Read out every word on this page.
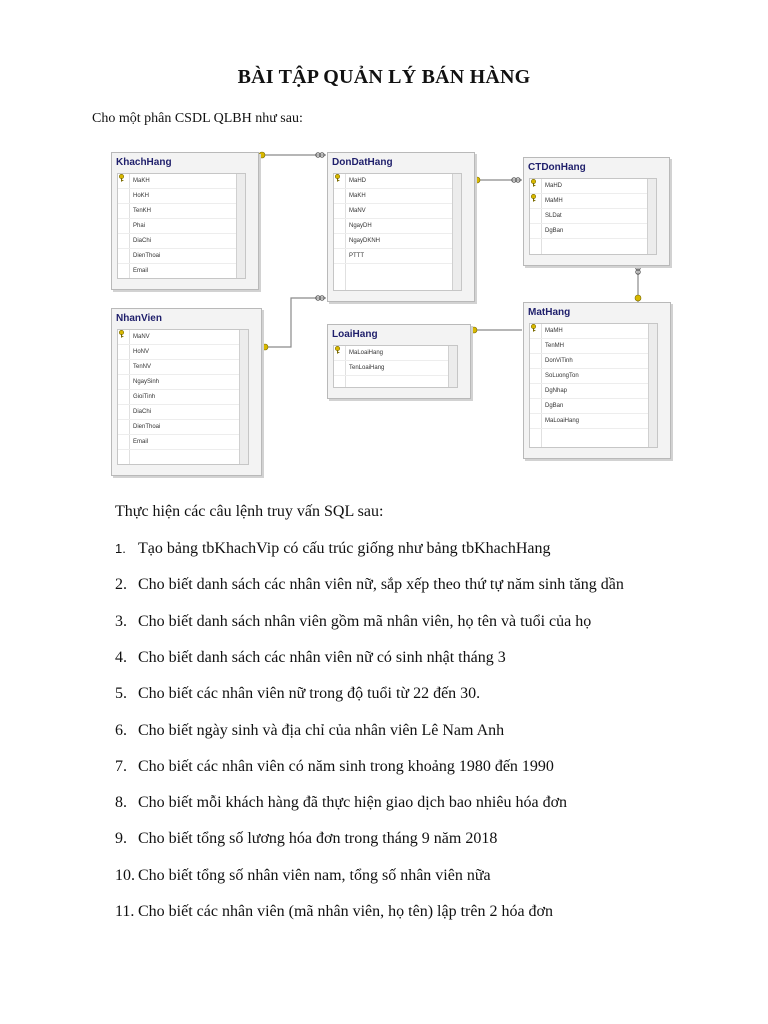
BÀI TẬP QUẢN LÝ BÁN HÀNG
Cho một phân CSDL QLBH như sau:
KhachHang
MaKH
HoKH
TenKH
Phai
DiaChi
DienThoai
Email
DonDatHang
MaHD
MaKH
MaNV
NgayDH
NgayDKNH
PTTT
CTDonHang
MaHD
MaMH
SLDat
DgBan
NhanVien
MaNV
HoNV
TenNV
NgaySinh
GioiTinh
DiaChi
DienThoai
Email
LoaiHang
MaLoaiHang
TenLoaiHang
MatHang
MaMH
TenMH
DonViTinh
SoLuongTon
DgNhap
DgBan
MaLoaiHang
Thực hiện các câu lệnh truy vấn SQL sau:
1. Tạo bảng tbKhachVip có cấu trúc giống như bảng tbKhachHang
2. Cho biết danh sách các nhân viên nữ, sắp xếp theo thứ tự năm sinh tăng dần
3. Cho biết danh sách nhân viên gồm mã nhân viên, họ tên và tuổi của họ
4. Cho biết danh sách các nhân viên nữ có sinh nhật tháng 3
5. Cho biết các nhân viên nữ trong độ tuổi từ 22 đến 30.
6. Cho biết ngày sinh và địa chỉ của nhân viên Lê Nam Anh
7. Cho biết các nhân viên có năm sinh trong khoảng 1980 đến 1990
8. Cho biết mỗi khách hàng đã thực hiện giao dịch bao nhiêu hóa đơn
9. Cho biết tổng số lương hóa đơn trong tháng 9 năm 2018
10. Cho biết tổng số nhân viên nam, tổng số nhân viên nữa
11. Cho biết các nhân viên (mã nhân viên, họ tên) lập trên 2 hóa đơn
